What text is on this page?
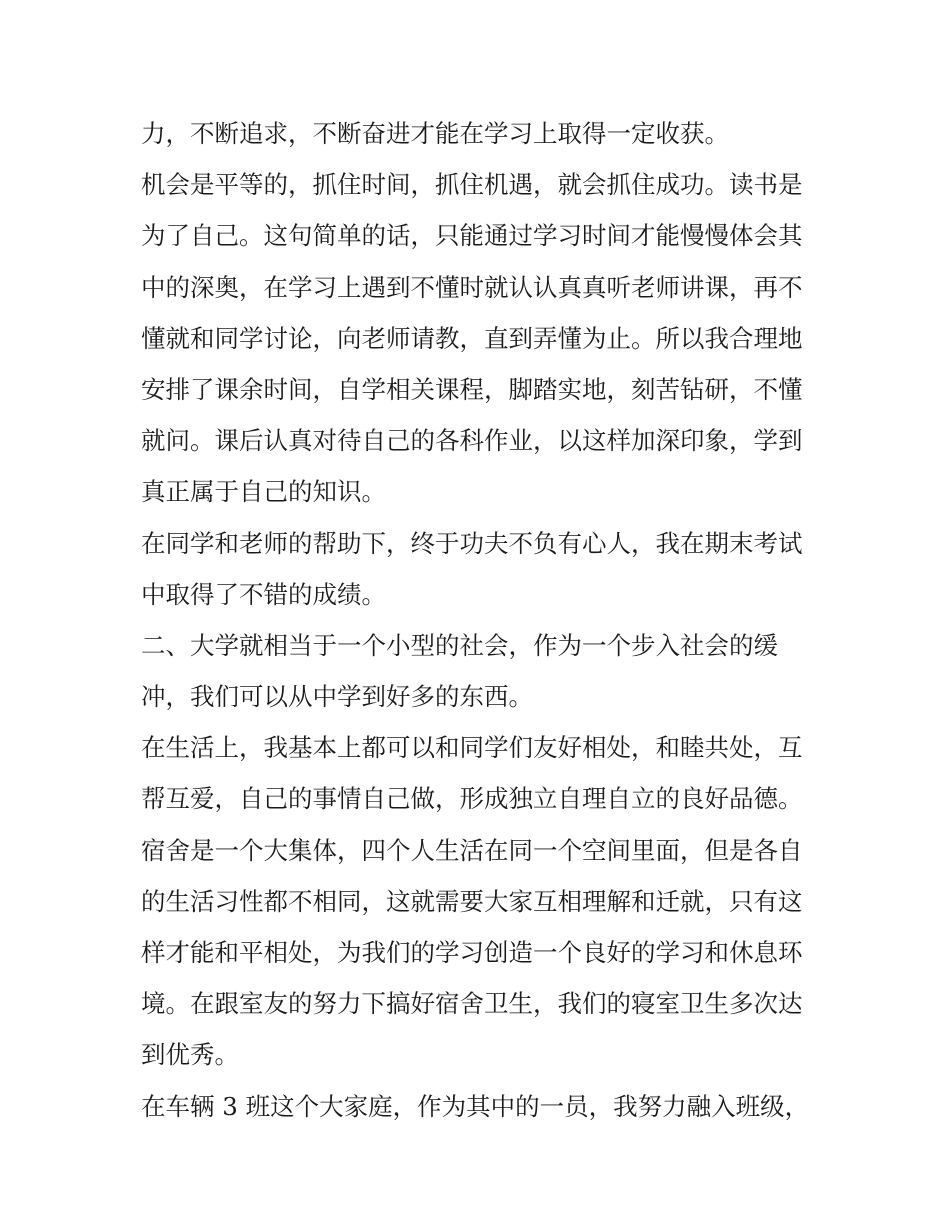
力，不断追求，不断奋进才能在学习上取得一定收获。
机会是平等的，抓住时间，抓住机遇，就会抓住成功。读书是
为了自己。这句简单的话，只能通过学习时间才能慢慢体会其
中的深奥，在学习上遇到不懂时就认认真真听老师讲课，再不
懂就和同学讨论，向老师请教，直到弄懂为止。所以我合理地
安排了课余时间，自学相关课程，脚踏实地，刻苦钻研，不懂
就问。课后认真对待自己的各科作业，以这样加深印象，学到
真正属于自己的知识。
在同学和老师的帮助下，终于功夫不负有心人，我在期末考试
中取得了不错的成绩。
二、大学就相当于一个小型的社会，作为一个步入社会的缓
冲，我们可以从中学到好多的东西。
在生活上，我基本上都可以和同学们友好相处，和睦共处，互
帮互爱，自己的事情自己做，形成独立自理自立的良好品德。
宿舍是一个大集体，四个人生活在同一个空间里面，但是各自
的生活习性都不相同，这就需要大家互相理解和迁就，只有这
样才能和平相处，为我们的学习创造一个良好的学习和休息环
境。在跟室友的努力下搞好宿舍卫生，我们的寝室卫生多次达
到优秀。
在车辆 3 班这个大家庭，作为其中的一员，我努力融入班级，
